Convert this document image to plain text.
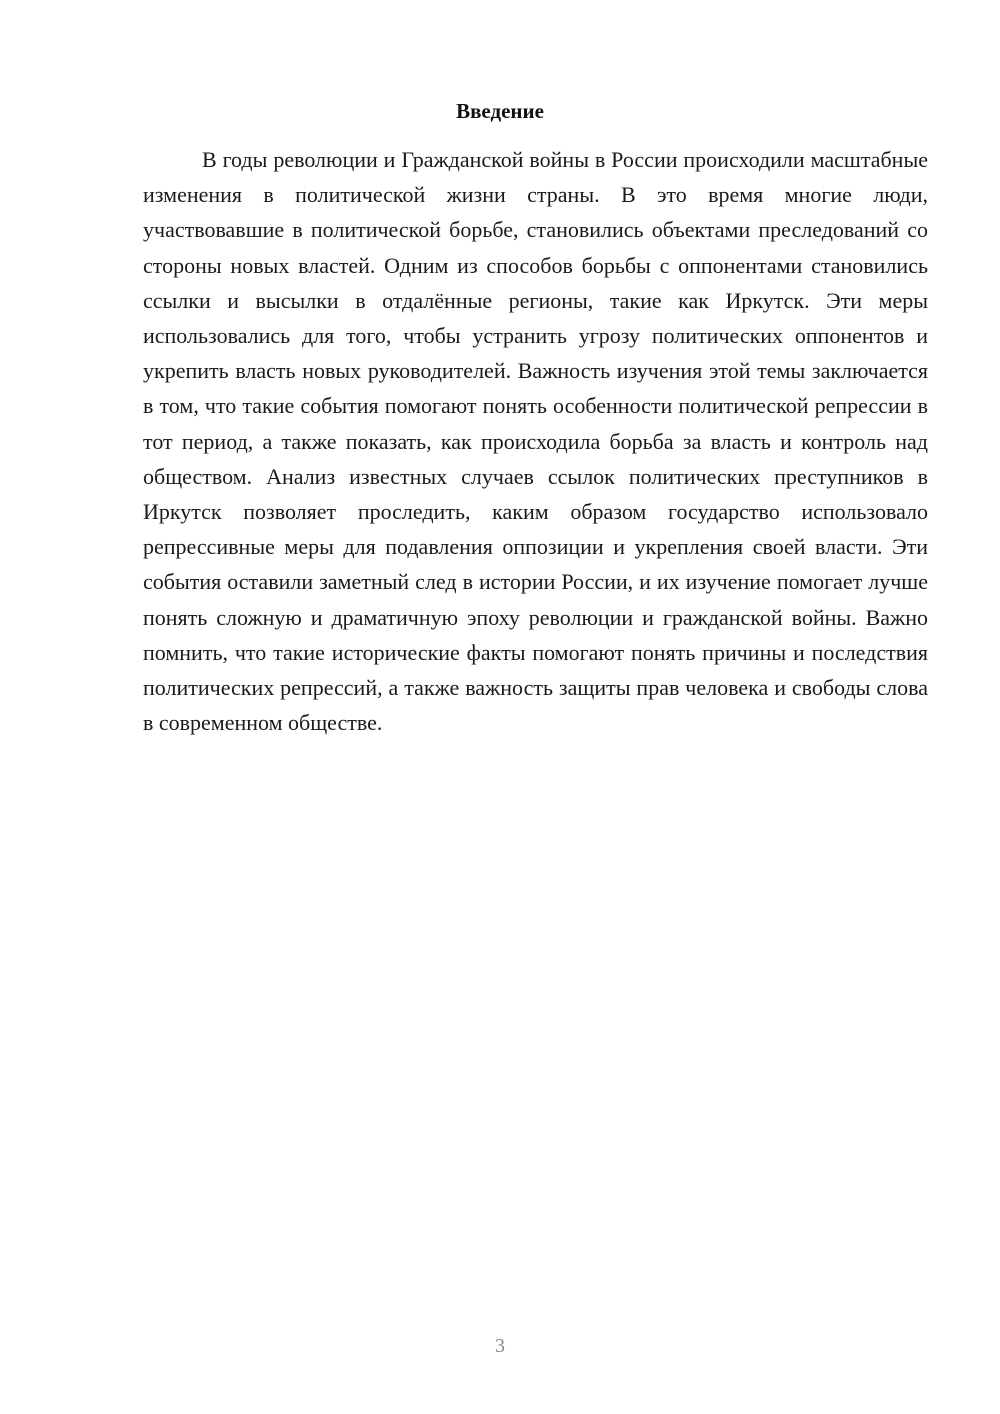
Введение

В годы революции и Гражданской войны в России происходили масштабные изменения в политической жизни страны. В это время многие люди, участвовавшие в политической борьбе, становились объектами преследований со стороны новых властей. Одним из способов борьбы с оппонентами становились ссылки и высылки в отдалённые регионы, такие как Иркутск. Эти меры использовались для того, чтобы устранить угрозу политических оппонентов и укрепить власть новых руководителей. Важность изучения этой темы заключается в том, что такие события помогают понять особенности политической репрессии в тот период, а также показать, как происходила борьба за власть и контроль над обществом. Анализ известных случаев ссылок политических преступников в Иркутск позволяет проследить, каким образом государство использовало репрессивные меры для подавления оппозиции и укрепления своей власти. Эти события оставили заметный след в истории России, и их изучение помогает лучше понять сложную и драматичную эпоху революции и гражданской войны. Важно помнить, что такие исторические факты помогают понять причины и последствия политических репрессий, а также важность защиты прав человека и свободы слова в современном обществе.

3
